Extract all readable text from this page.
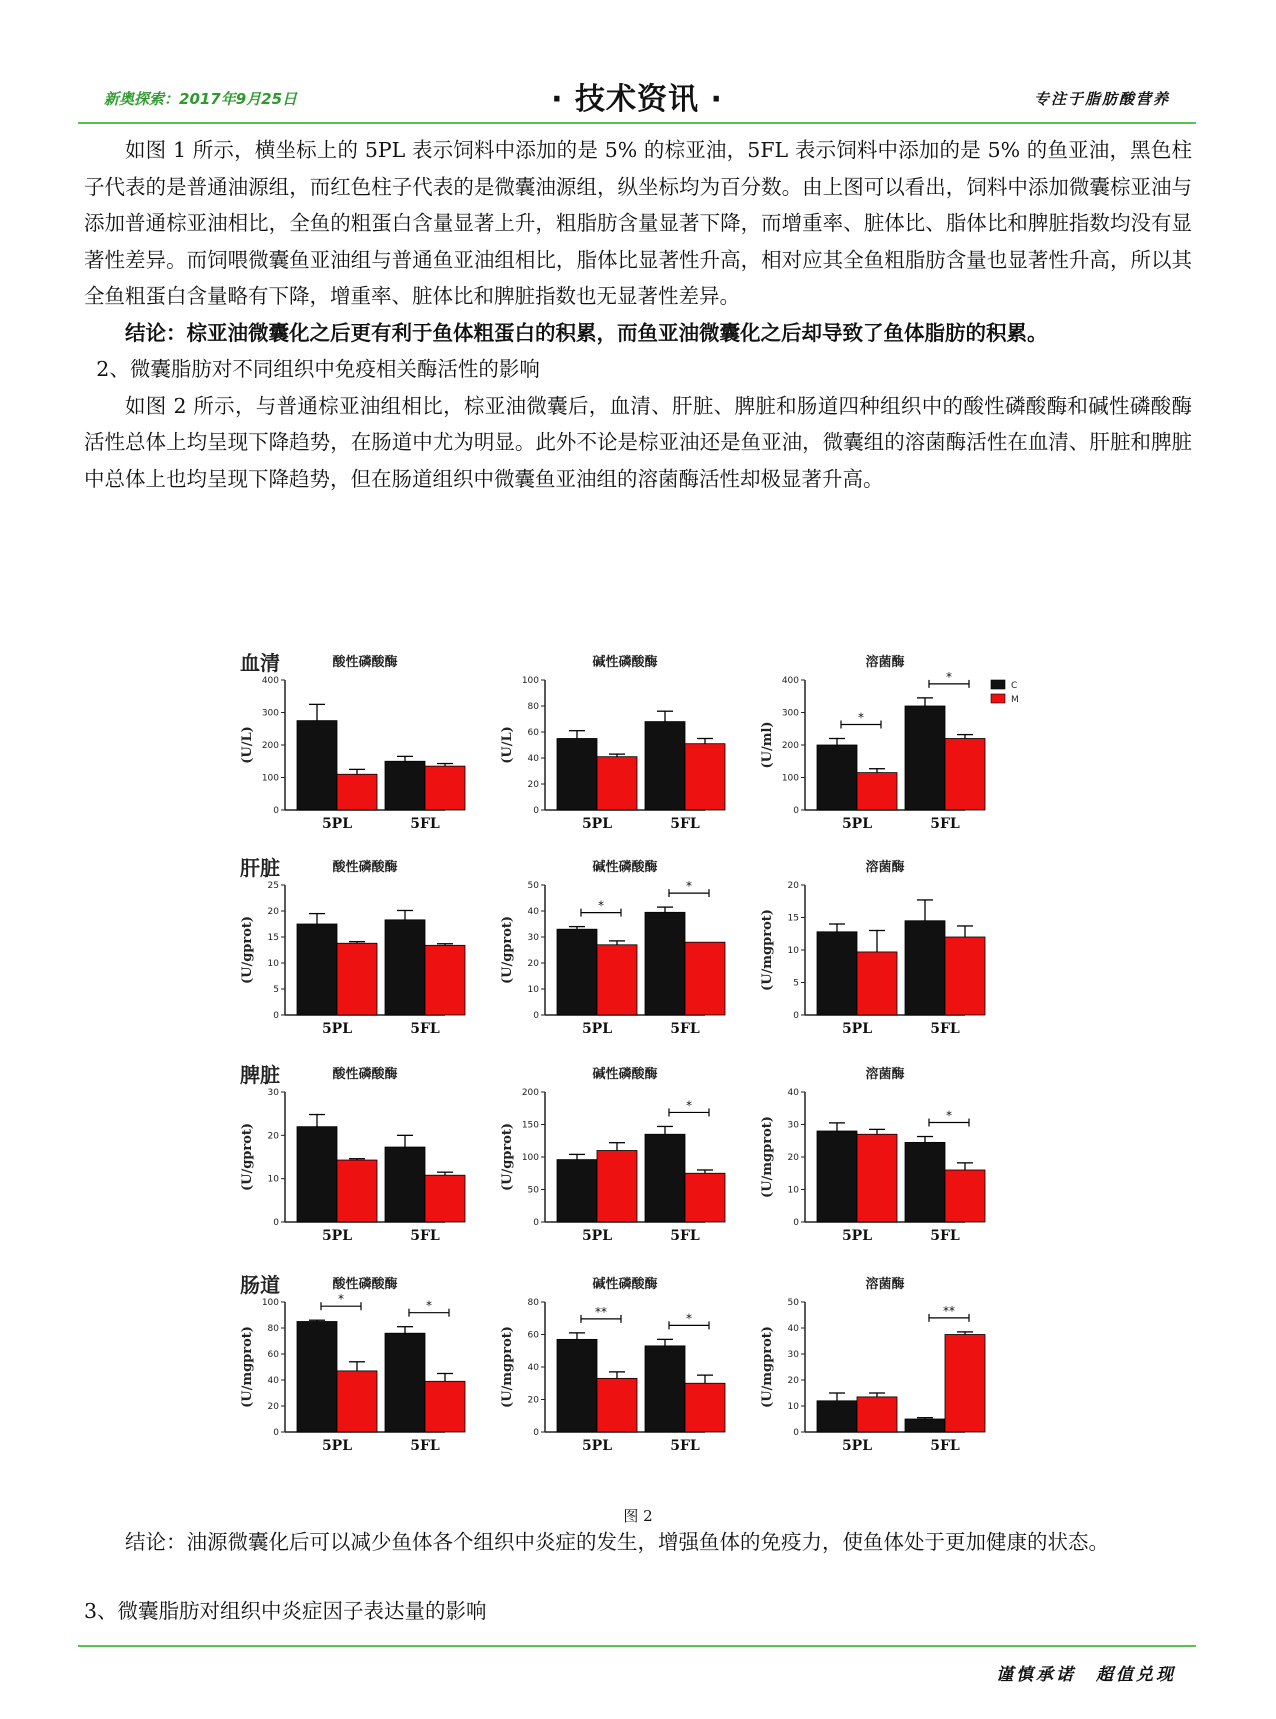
新奥探索：2017年9月25日	· 技术资讯 ·	专注于脂肪酸营养

如图 1 所示，横坐标上的 5PL 表示饲料中添加的是 5% 的棕亚油，5FL 表示饲料中添加的是 5% 的鱼亚油，黑色柱子代表的是普通油源组，而红色柱子代表的是微囊油源组，纵坐标均为百分数。由上图可以看出，饲料中添加微囊棕亚油与添加普通棕亚油相比，全鱼的粗蛋白含量显著上升，粗脂肪含量显著下降，而增重率、脏体比、脂体比和脾脏指数均没有显著性差异。而饲喂微囊鱼亚油组与普通鱼亚油组相比，脂体比显著性升高，相对应其全鱼粗脂肪含量也显著性升高，所以其全鱼粗蛋白含量略有下降，增重率、脏体比和脾脏指数也无显著性差异。

结论：棕亚油微囊化之后更有利于鱼体粗蛋白的积累，而鱼亚油微囊化之后却导致了鱼体脂肪的积累。

2、微囊脂肪对不同组织中免疫相关酶活性的影响

如图 2 所示，与普通棕亚油组相比，棕亚油微囊后，血清、肝脏、脾脏和肠道四种组织中的酸性磷酸酶和碱性磷酸酶活性总体上均呈现下降趋势，在肠道中尤为明显。此外不论是棕亚油还是鱼亚油，微囊组的溶菌酶活性在血清、肝脏和脾脏中总体上也均呈现下降趋势，但在肠道组织中微囊鱼亚油组的溶菌酶活性却极显著升高。

血清	酸性磷酸酶
0
100
200
300
400
(U/L)
5PL	5FL
碱性磷酸酶
0
20
40
60
80
100
(U/L)
5PL	5FL
溶菌酶
0
100
200
300
400
(U/ml)
5PL
*
5FL
*
C
M
肝脏	酸性磷酸酶
0
5
10
15
20
25
(U/gprot)
5PL	5FL
碱性磷酸酶
0
10
20
30
40
50
(U/gprot)
5PL
*
5FL
*
溶菌酶
0
5
10
15
20
(U/mgprot)
5PL	5FL
脾脏	酸性磷酸酶
0
10
20
30
(U/gprot)
5PL	5FL
碱性磷酸酶
0
50
100
150
200
(U/gprot)
5PL	5FL
*
溶菌酶
0
10
20
30
40
(U/mgprot)
5PL	5FL
*
肠道	酸性磷酸酶
0
20
40
60
80
100
(U/mgprot)
5PL
*
5FL
*
碱性磷酸酶
0
20
40
60
80
(U/mgprot)
5PL
**
5FL
*
溶菌酶
0
10
20
30
40
50
(U/mgprot)
5PL	5FL
**
图 2

结论：油源微囊化后可以减少鱼体各个组织中炎症的发生，增强鱼体的免疫力，使鱼体处于更加健康的状态。

3、微囊脂肪对组织中炎症因子表达量的影响
谨慎承诺　超值兑现
